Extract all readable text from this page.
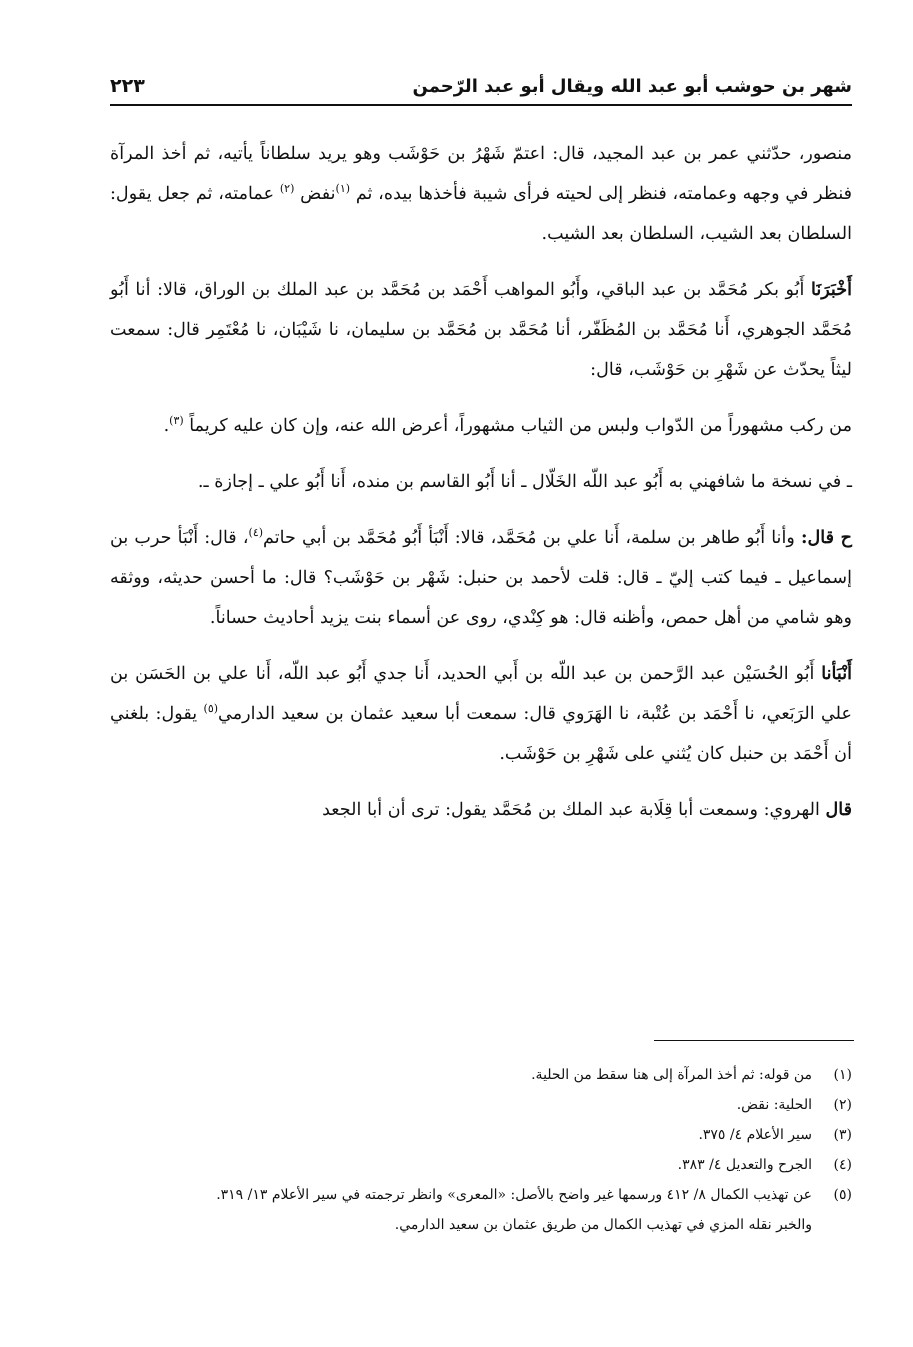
شهر بن حوشب أبو عبد الله ويقال أبو عبد الرّحمن
٢٢٣

منصور، حدّثني عمر بن عبد المجيد، قال: اعتمّ شَهْرُ بن حَوْشَب وهو يريد سلطاناً يأتيه، ثم أخذ المرآة فنظر في وجهه وعمامته، فنظر إلى لحيته فرأى شيبة فأخذها بيده، ثم $^{(١)}$نفض $^{(٢)}$ عمامته، ثم جعل يقول: السلطان بعد الشيب، السلطان بعد الشيب.

أَخْبَرَنَا أَبُو بكر مُحَمَّد بن عبد الباقي، وأَبُو المواهب أَحْمَد بن مُحَمَّد بن عبد الملك بن الوراق، قالا: أنا أَبُو مُحَمَّد الجوهري، أَنا مُحَمَّد بن المُظَفّر، أنا مُحَمَّد بن مُحَمَّد بن سليمان، نا شَيْبَان، نا مُعْتَمِر قال: سمعت ليثاً يحدّث عن شَهْرِ بن حَوْشَب، قال:

من ركب مشهوراً من الدّواب ولبس من الثياب مشهوراً، أعرض الله عنه، وإن كان عليه كريماً $^{(٣)}$.

ـ في نسخة ما شافهني به أَبُو عبد اللّه الخَلّال ـ أنا أَبُو القاسم بن منده، أَنا أَبُو علي ـ إجازة ـ.

ح قال: وأنا أَبُو طاهر بن سلمة، أَنا علي بن مُحَمَّد، قالا: أَنْبَأ أَبُو مُحَمَّد بن أبي حاتم$^{(٤)}$، قال: أَنْبَأ حرب بن إسماعيل ـ فيما كتب إليّ ـ قال: قلت لأحمد بن حنبل: شَهْر بن حَوْشَب؟ قال: ما أحسن حديثه، ووثقه وهو شامي من أهل حمص، وأظنه قال: هو كِنْدي، روى عن أسماء بنت يزيد أحاديث حساناً.

أَنْبَأنا أَبُو الحُسَيْن عبد الرَّحمن بن عبد اللّه بن أَبي الحديد، أَنا جدي أَبُو عبد اللّه، أَنا علي بن الحَسَن بن علي الرَبَعي، نا أَحْمَد بن عُتْبة، نا الهَرَوي قال: سمعت أبا سعيد عثمان بن سعيد الدارمي$^{(٥)}$ يقول: بلغني أن أَحْمَد بن حنبل كان يُثني على شَهْرِ بن حَوْشَب.

قال الهروي: وسمعت أبا قِلَابة عبد الملك بن مُحَمَّد يقول: ترى أن أبا الجعد

(١)
من قوله: ثم أخذ المرآة إلى هنا سقط من الحلية.
(٢)
الحلية: نقض.
(٣)
سير الأعلام ٤/ ٣٧٥.
(٤)
الجرح والتعديل ٤/ ٣٨٣.
(٥)
عن تهذيب الكمال ٨/ ٤١٢ ورسمها غير واضح بالأصل: «المعرى» وانظر ترجمته في سير الأعلام ١٣/ ٣١٩.
والخبر نقله المزي في تهذيب الكمال من طريق عثمان بن سعيد الدارمي.
